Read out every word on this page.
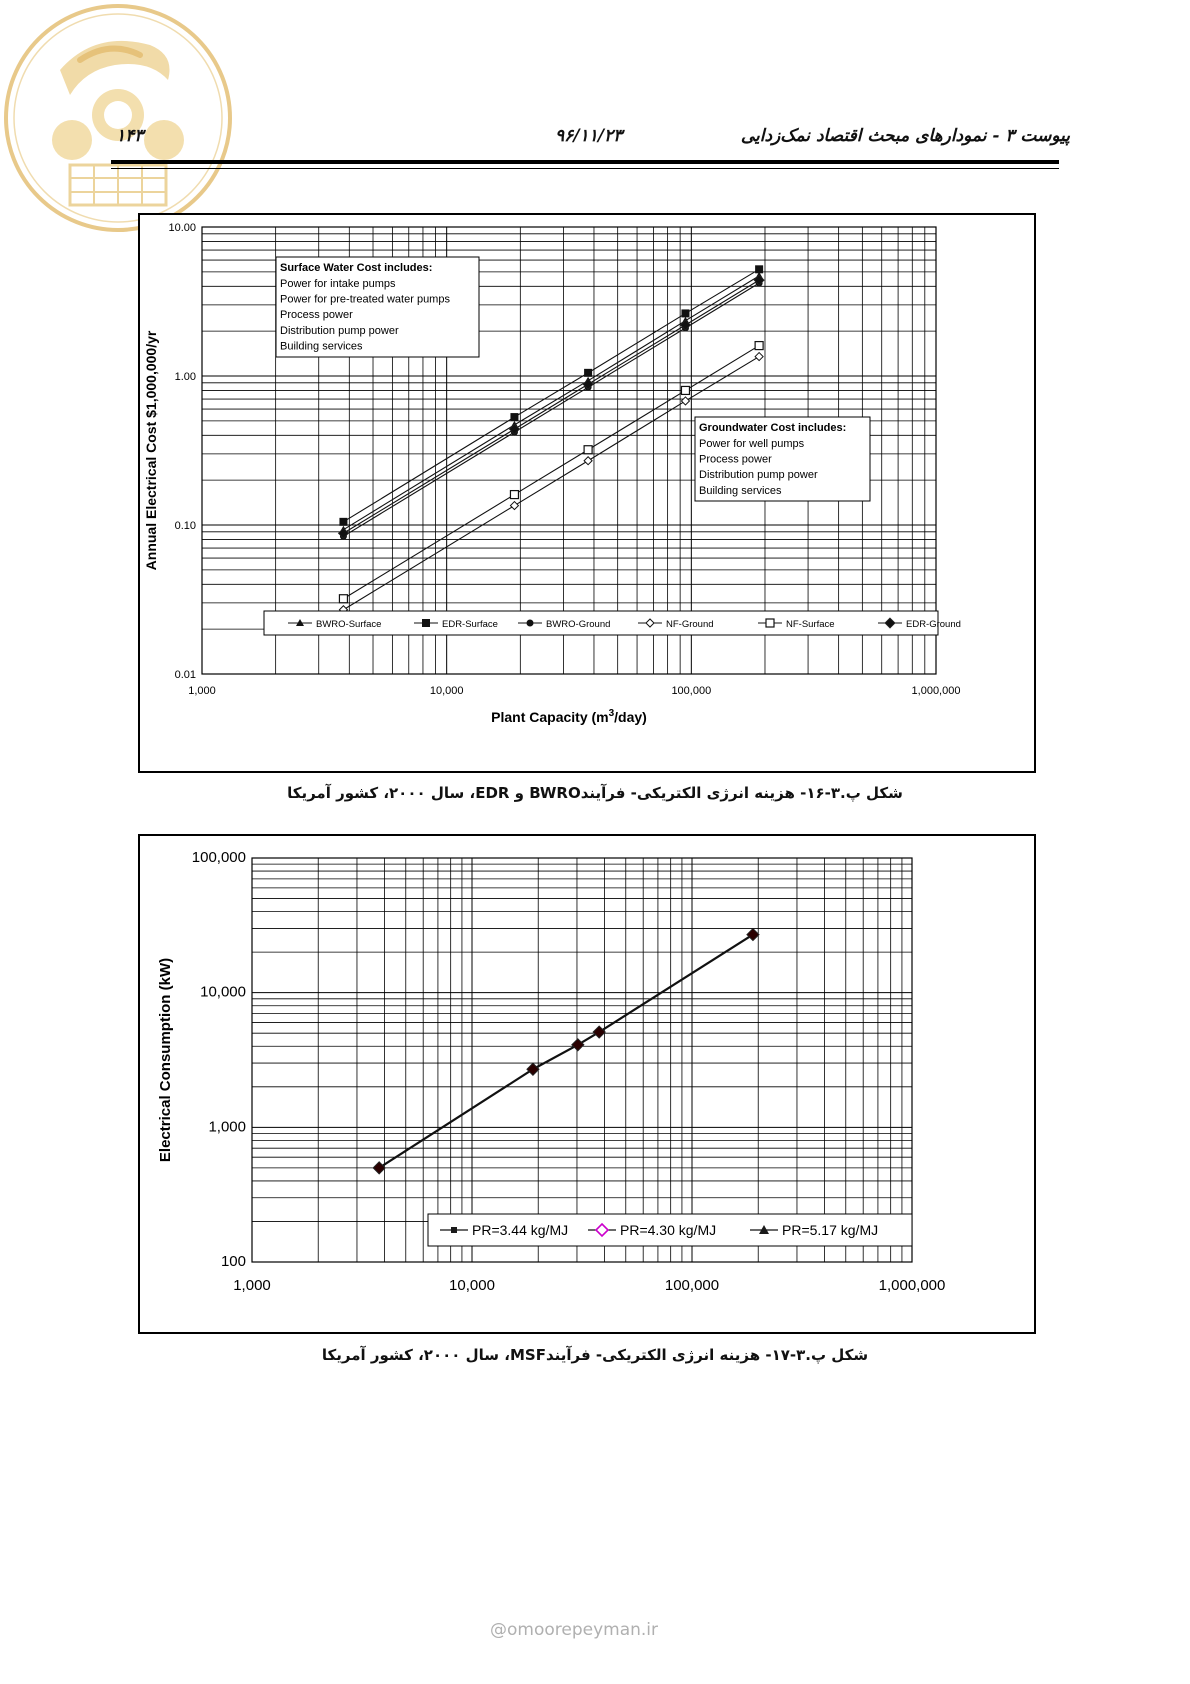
۱۴۳	۹۶/۱۱/۲۳	پیوست ۳ - نمودارهای مبحث اقتصاد نمک‌زدایی
1,000	10,000	100,000	1,000,000
0.01
0.10
1.00
10.00
Annual Electrical Cost $1,000,000/yr
Plant Capacity $(m^3/day)$
Surface Water Cost includes:
Power for intake pumps
Power for pre-treated water pumps
Process power
Distribution pump power
Building services
Groundwater Cost includes:
Power for well pumps
Process power
Distribution pump power
Building services
BWRO-Surface	EDR-Surface	BWRO-Ground	NF-Ground	NF-Surface	EDR-Ground
شکل پ.۳-۱۶- هزینه انرژی الکتریکی- فرآیندBWRO و EDR، سال ۲۰۰۰، کشور آمریکا
1,000	10,000	100,000	1,000,000
100
1,000
10,000
100,000
Electrical Consumption (kW)
PR=3.44 kg/MJ	PR=4.30 kg/MJ	PR=5.17 kg/MJ
شکل پ.۳-۱۷- هزینه انرژی الکتریکی- فرآیندMSF، سال ۲۰۰۰، کشور آمریکا
@omoorepeyman.ir
